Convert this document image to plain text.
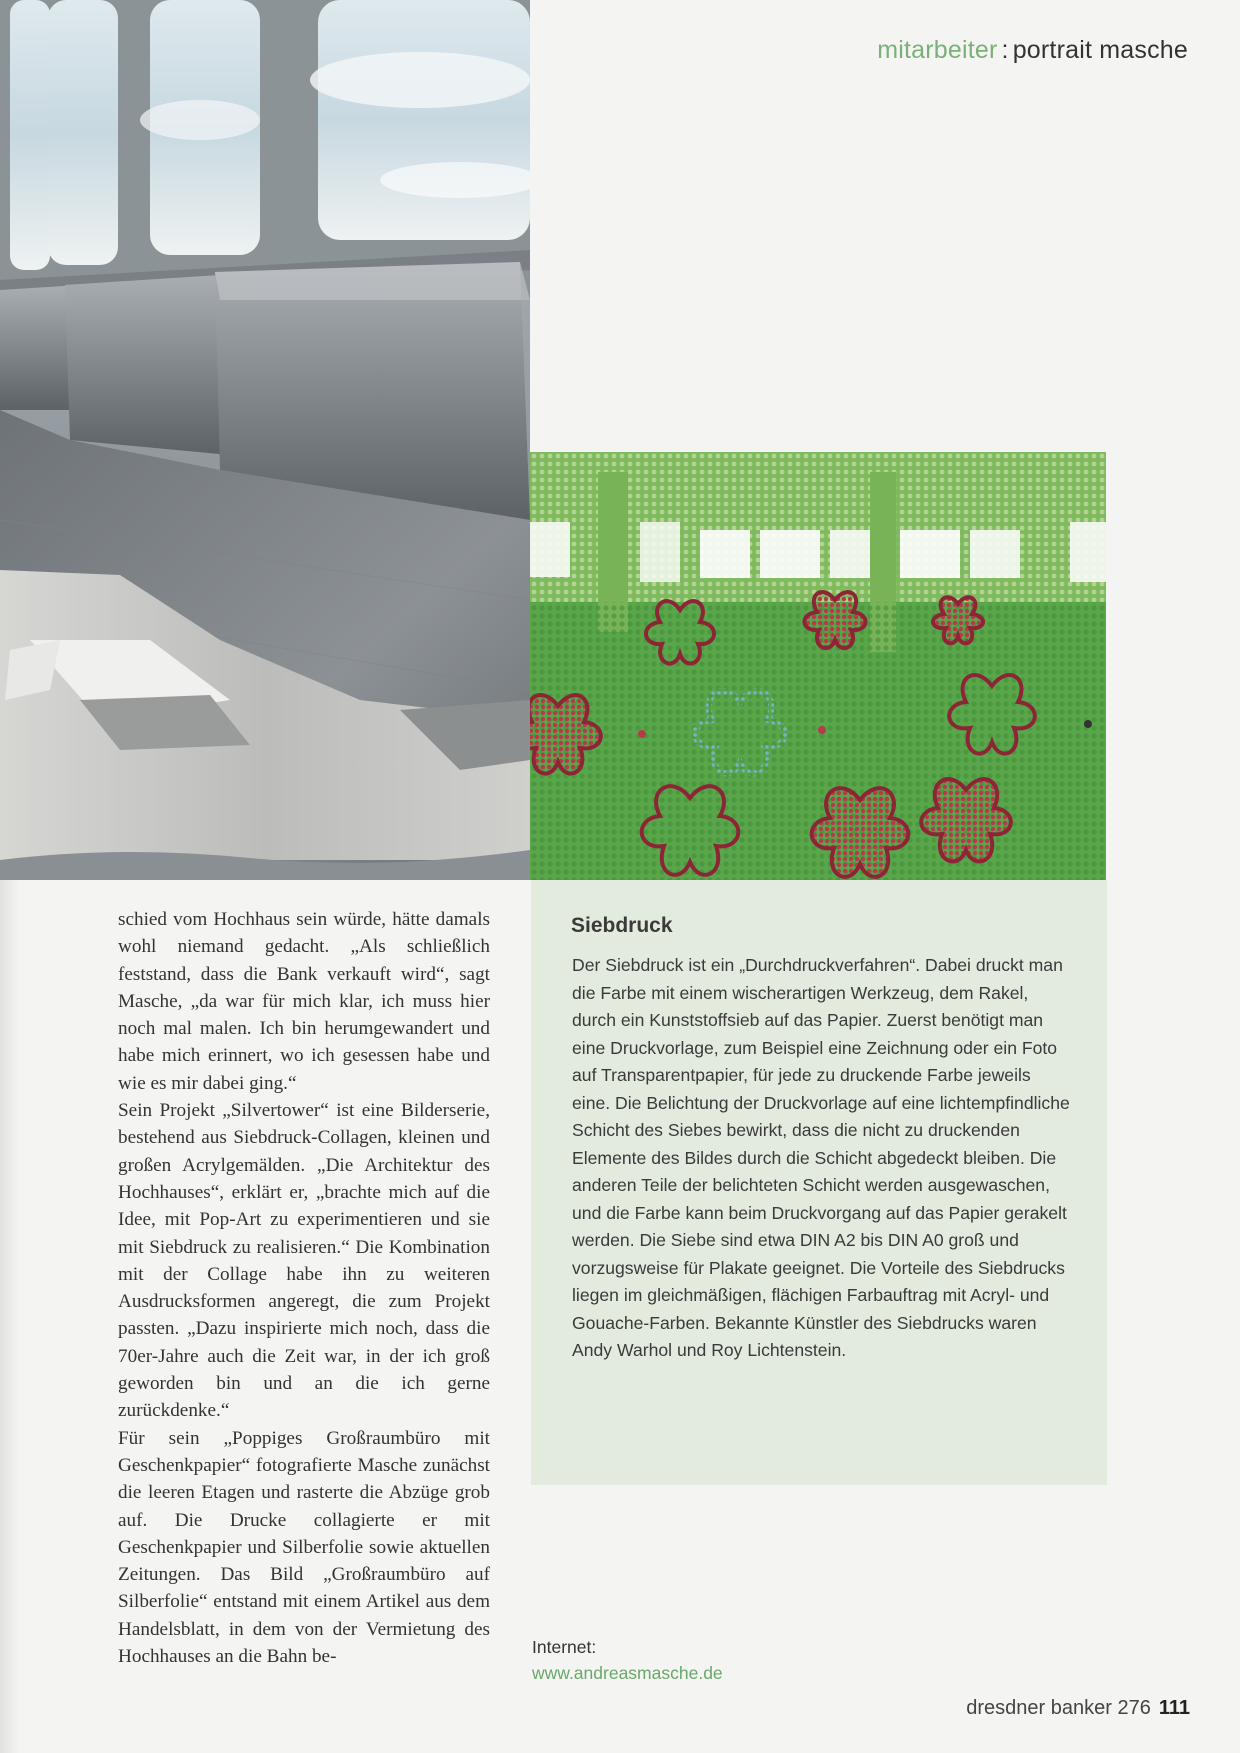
mitarbeiter : portrait masche

schied vom Hochhaus sein würde, hätte damals wohl niemand gedacht. „Als schließlich feststand, dass die Bank verkauft wird“, sagt Masche, „da war für mich klar, ich muss hier noch mal malen. Ich bin herumgewandert und habe mich erinnert, wo ich gesessen habe und wie es mir dabei ging.“

Sein Projekt „Silvertower“ ist eine Bilderserie, bestehend aus Siebdruck-Collagen, kleinen und großen Acrylgemälden. „Die Architektur des Hochhauses“, erklärt er, „brachte mich auf die Idee, mit Pop-Art zu experimentieren und sie mit Siebdruck zu realisieren.“ Die Kombination mit der Collage habe ihn zu weiteren Ausdrucksformen angeregt, die zum Projekt passten. „Dazu inspirierte mich noch, dass die 70er-Jahre auch die Zeit war, in der ich groß geworden bin und an die ich gerne zurückdenke.“

Für sein „Poppiges Großraumbüro mit Geschenkpapier“ fotografierte Masche zunächst die leeren Etagen und rasterte die Abzüge grob auf. Die Drucke collagierte er mit Geschenkpapier und Silberfolie sowie aktuellen Zeitungen. Das Bild „Großraumbüro auf Silberfolie“ entstand mit einem Artikel aus dem Handelsblatt, in dem von der Vermietung des Hochhauses an die Bahn be-

Siebdruck
Der Siebdruck ist ein „Durchdruckverfahren“. Dabei druckt man die Farbe mit einem wischerartigen Werkzeug, dem Rakel, durch ein Kunststoffsieb auf das Papier. Zuerst benötigt man eine Druckvorlage, zum Beispiel eine Zeichnung oder ein Foto auf Transparentpapier, für jede zu druckende Farbe jeweils eine. Die Belichtung der Druckvorlage auf eine lichtempfindliche Schicht des Siebes bewirkt, dass die nicht zu druckenden Elemente des Bildes durch die Schicht abgedeckt bleiben. Die anderen Teile der belichteten Schicht werden ausgewaschen, und die Farbe kann beim Druckvorgang auf das Papier gerakelt werden. Die Siebe sind etwa DIN A2 bis DIN A0 groß und vorzugsweise für Plakate geeignet. Die Vorteile des Siebdrucks liegen im gleichmäßigen, flächigen Farbauftrag mit Acryl- und Gouache-Farben. Bekannte Künstler des Siebdrucks waren Andy Warhol und Roy Lichtenstein.
Internet:
www.andreasmasche.de
dresdner banker 276 111
